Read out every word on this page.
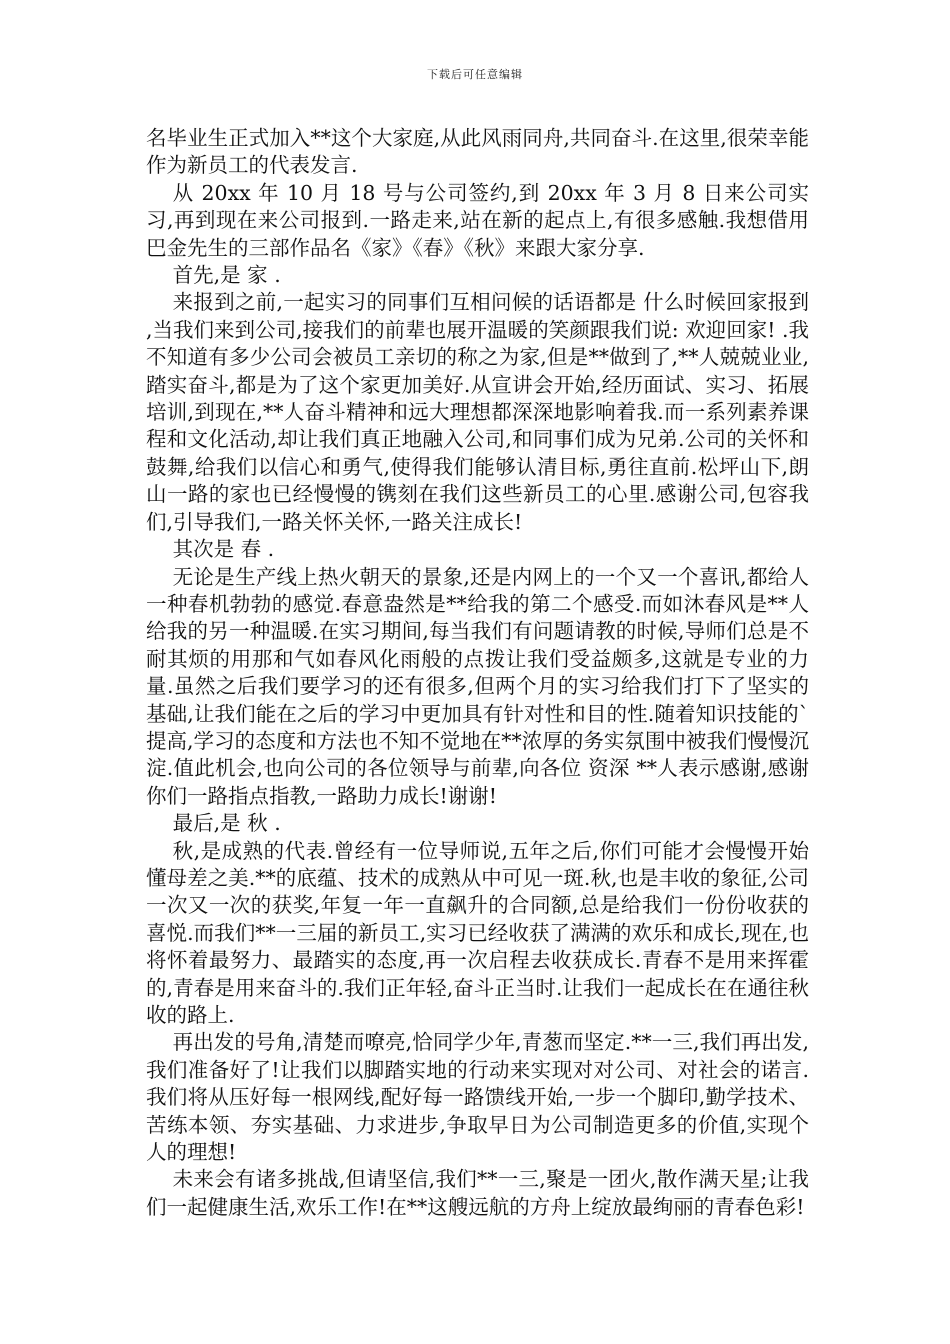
下载后可任意编辑

名毕业生正式加入**这个大家庭,从此风雨同舟,共同奋斗.在这里,很荣幸能作为新员工的代表发言.

从 20xx 年 10 月 18 号与公司签约,到 20xx 年 3 月 8 日来公司实习,再到现在来公司报到.一路走来,站在新的起点上,有很多感触.我想借用巴金先生的三部作品名《家》《春》《秋》来跟大家分享.

首先,是 家 .

来报到之前,一起实习的同事们互相问候的话语都是 什么时候回家报到 ,当我们来到公司,接我们的前辈也展开温暖的笑颜跟我们说: 欢迎回家! .我不知道有多少公司会被员工亲切的称之为家,但是**做到了,**人兢兢业业,踏实奋斗,都是为了这个家更加美好.从宣讲会开始,经历面试、实习、拓展培训,到现在,**人奋斗精神和远大理想都深深地影响着我.而一系列素养课程和文化活动,却让我们真正地融入公司,和同事们成为兄弟.公司的关怀和鼓舞,给我们以信心和勇气,使得我们能够认清目标,勇往直前.松坪山下,朗山一路的家也已经慢慢的镌刻在我们这些新员工的心里.感谢公司,包容我们,引导我们,一路关怀关怀,一路关注成长!

其次是 春 .

无论是生产线上热火朝天的景象,还是内网上的一个又一个喜讯,都给人一种春机勃勃的感觉.春意盎然是**给我的第二个感受.而如沐春风是**人给我的另一种温暖.在实习期间,每当我们有问题请教的时候,导师们总是不耐其烦的用那和气如春风化雨般的点拨让我们受益颇多,这就是专业的力量.虽然之后我们要学习的还有很多,但两个月的实习给我们打下了坚实的基础,让我们能在之后的学习中更加具有针对性和目的性.随着知识技能的`提高,学习的态度和方法也不知不觉地在**浓厚的务实氛围中被我们慢慢沉淀.值此机会,也向公司的各位领导与前辈,向各位 资深 **人表示感谢,感谢你们一路指点指教,一路助力成长!谢谢!

最后,是 秋 .

秋,是成熟的代表.曾经有一位导师说,五年之后,你们可能才会慢慢开始懂母差之美.**的底蕴、技术的成熟从中可见一斑.秋,也是丰收的象征,公司一次又一次的获奖,年复一年一直飙升的合同额,总是给我们一份份收获的喜悦.而我们**一三届的新员工,实习已经收获了满满的欢乐和成长,现在,也将怀着最努力、最踏实的态度,再一次启程去收获成长.青春不是用来挥霍的,青春是用来奋斗的.我们正年轻,奋斗正当时.让我们一起成长在在通往秋收的路上.

再出发的号角,清楚而嘹亮,恰同学少年,青葱而坚定.**一三,我们再出发,我们准备好了!让我们以脚踏实地的行动来实现对对公司、对社会的诺言.我们将从压好每一根网线,配好每一路馈线开始,一步一个脚印,勤学技术、苦练本领、夯实基础、力求进步,争取早日为公司制造更多的价值,实现个人的理想!

未来会有诸多挑战,但请坚信,我们**一三,聚是一团火,散作满天星;让我们一起健康生活,欢乐工作!在**这艘远航的方舟上绽放最绚丽的青春色彩!
